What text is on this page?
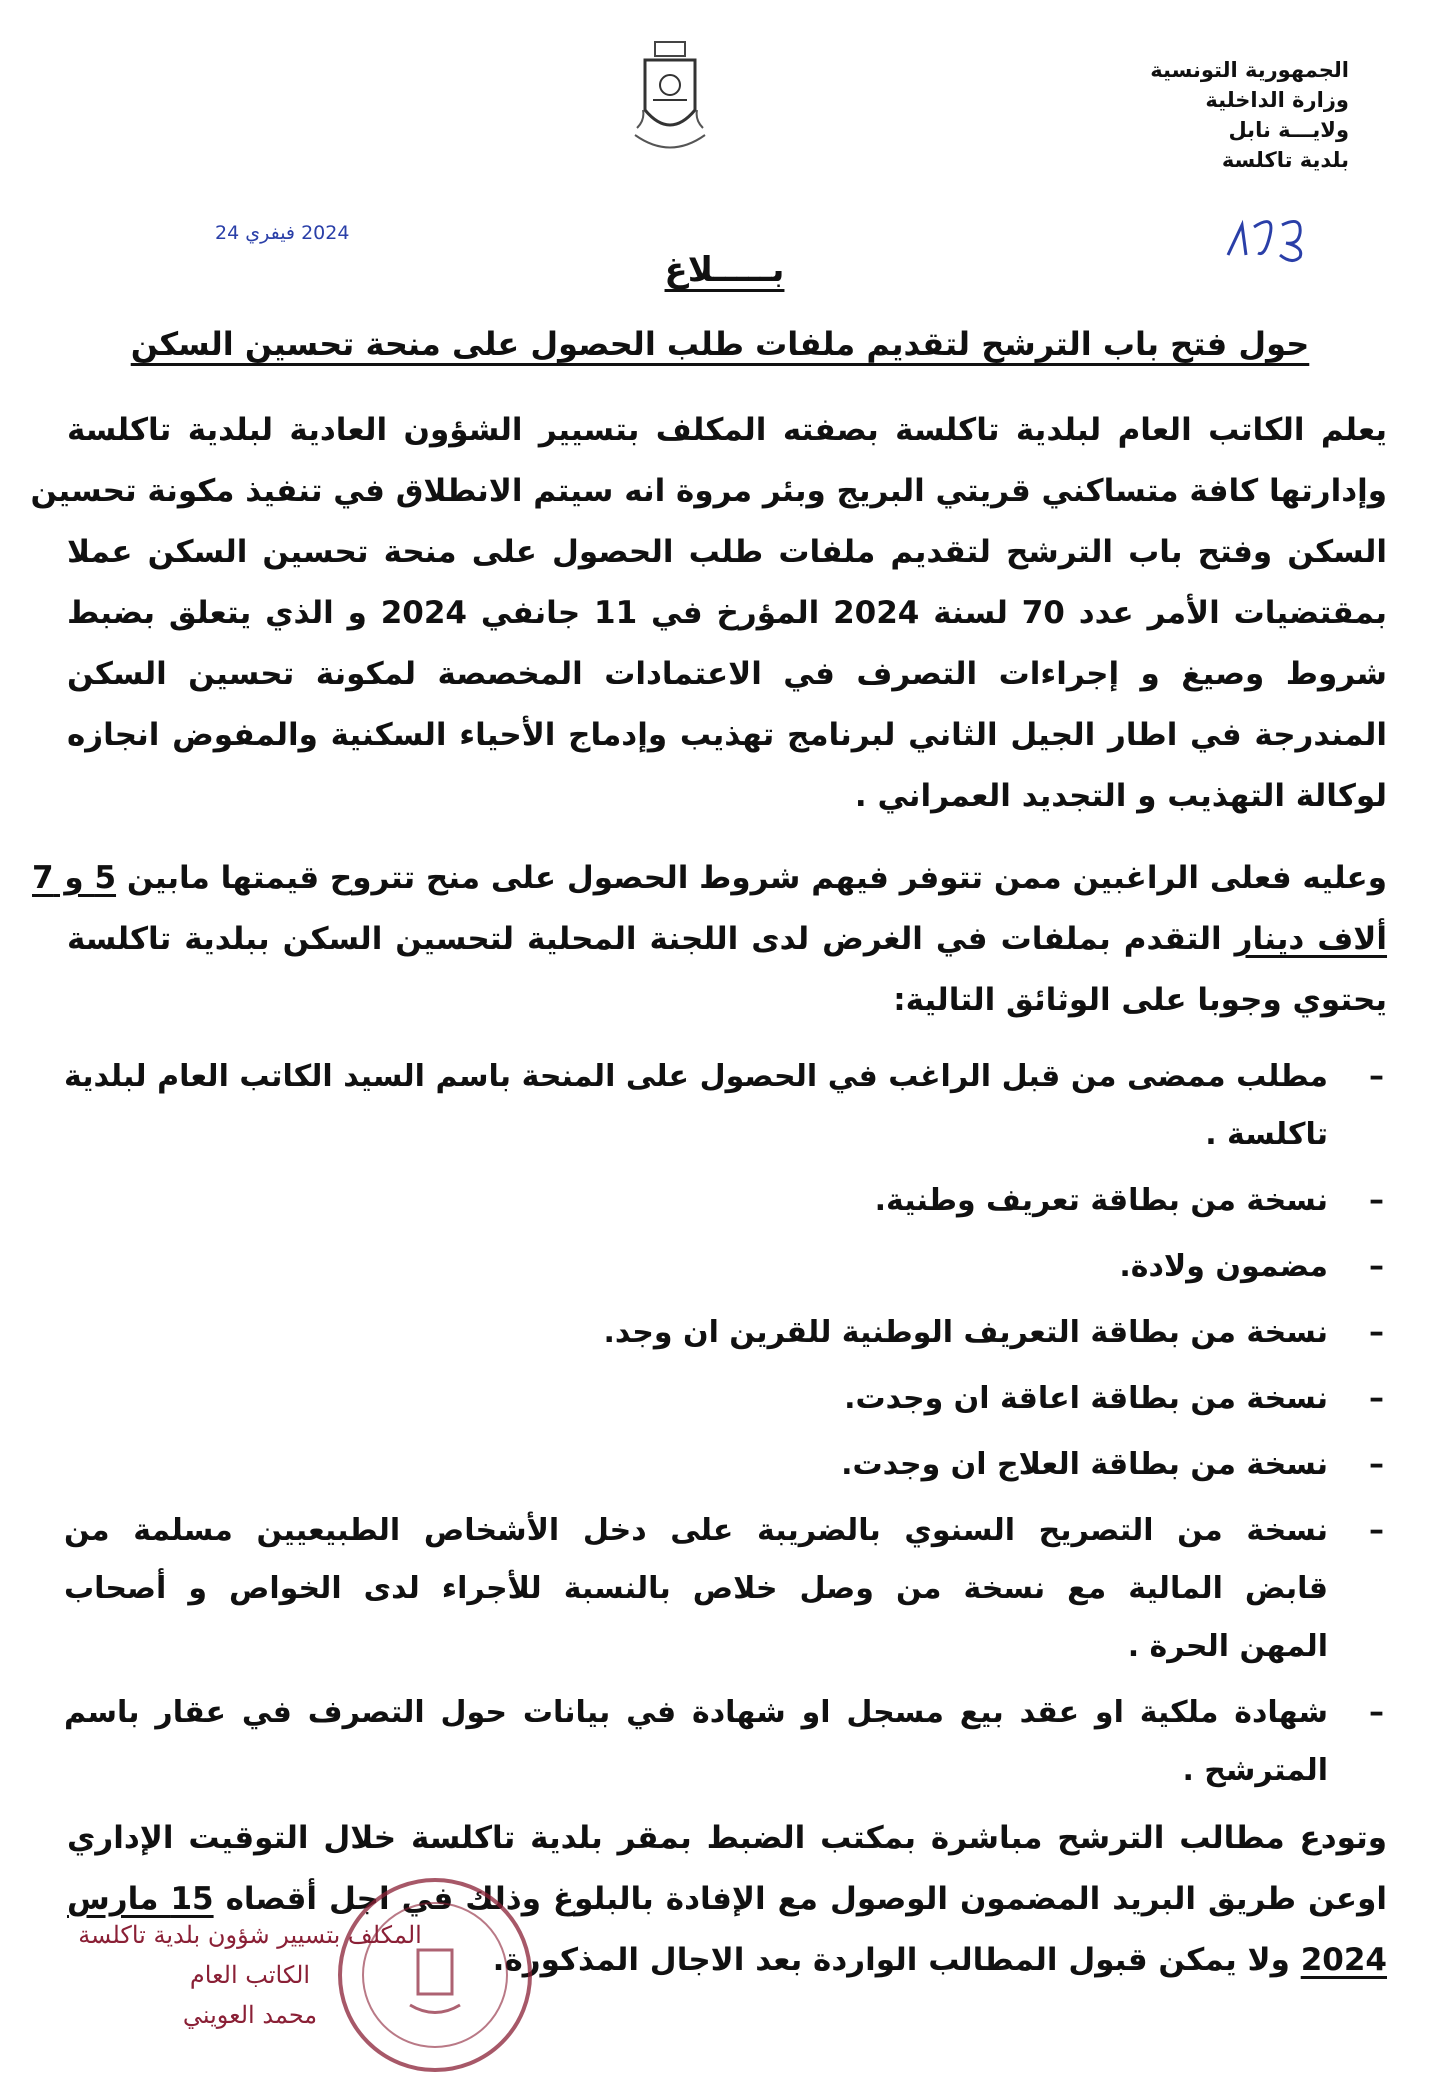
الجمهورية التونسية
وزارة الداخلية
ولايـــة نابل
بلدية تاكلسة
2024 فيفري 24
بـــــلاغ
حول فتح باب الترشح لتقديم ملفات طلب الحصول على منحة تحسين السكن
يعلم الكاتب العام لبلدية تاكلسة بصفته المكلف بتسيير الشؤون العادية لبلدية تاكلسة
وإدارتها كافة متساكني قريتي البريج وبئر مروة انه سيتم الانطلاق في تنفيذ مكونة تحسين
السكن وفتح باب الترشح لتقديم ملفات طلب الحصول على منحة تحسين السكن عملا
بمقتضيات الأمر عدد 70 لسنة 2024 المؤرخ في 11 جانفي 2024 و الذي يتعلق بضبط
شروط وصيغ و إجراءات التصرف في الاعتمادات المخصصة لمكونة تحسين السكن
المندرجة في اطار الجيل الثاني لبرنامج تهذيب وإدماج الأحياء السكنية والمفوض انجازه
لوكالة التهذيب و التجديد العمراني .
وعليه فعلى الراغبين ممن تتوفر فيهم شروط الحصول على منح تتروح قيمتها مابين 5 و 7
ألاف دينار التقدم بملفات في الغرض لدى اللجنة المحلية لتحسين السكن ببلدية تاكلسة
يحتوي وجوبا على الوثائق التالية:
–
مطلب ممضى من قبل الراغب في الحصول على المنحة باسم السيد الكاتب العام لبلدية
تاكلسة .
–
نسخة من بطاقة تعريف وطنية.
–
مضمون ولادة.
–
نسخة من بطاقة التعريف الوطنية للقرين ان وجد.
–
نسخة من بطاقة اعاقة ان وجدت.
–
نسخة من بطاقة العلاج ان وجدت.
–
نسخة من التصريح السنوي بالضريبة على دخل الأشخاص الطبيعيين مسلمة من
قابض المالية مع نسخة من وصل خلاص بالنسبة للأجراء لدى الخواص و أصحاب
المهن الحرة .
–
شهادة ملكية او عقد بيع مسجل او شهادة في بيانات حول التصرف في عقار باسم
المترشح .
وتودع مطالب الترشح مباشرة بمكتب الضبط بمقر بلدية تاكلسة خلال التوقيت الإداري
اوعن طريق البريد المضمون الوصول مع الإفادة بالبلوغ وذلك في اجل أقصاه 15 مارس
2024 ولا يمكن قبول المطالب الواردة بعد الاجال المذكورة.
المكلف بتسيير شؤون بلدية تاكلسة
الكاتب العام
محمد العويني
